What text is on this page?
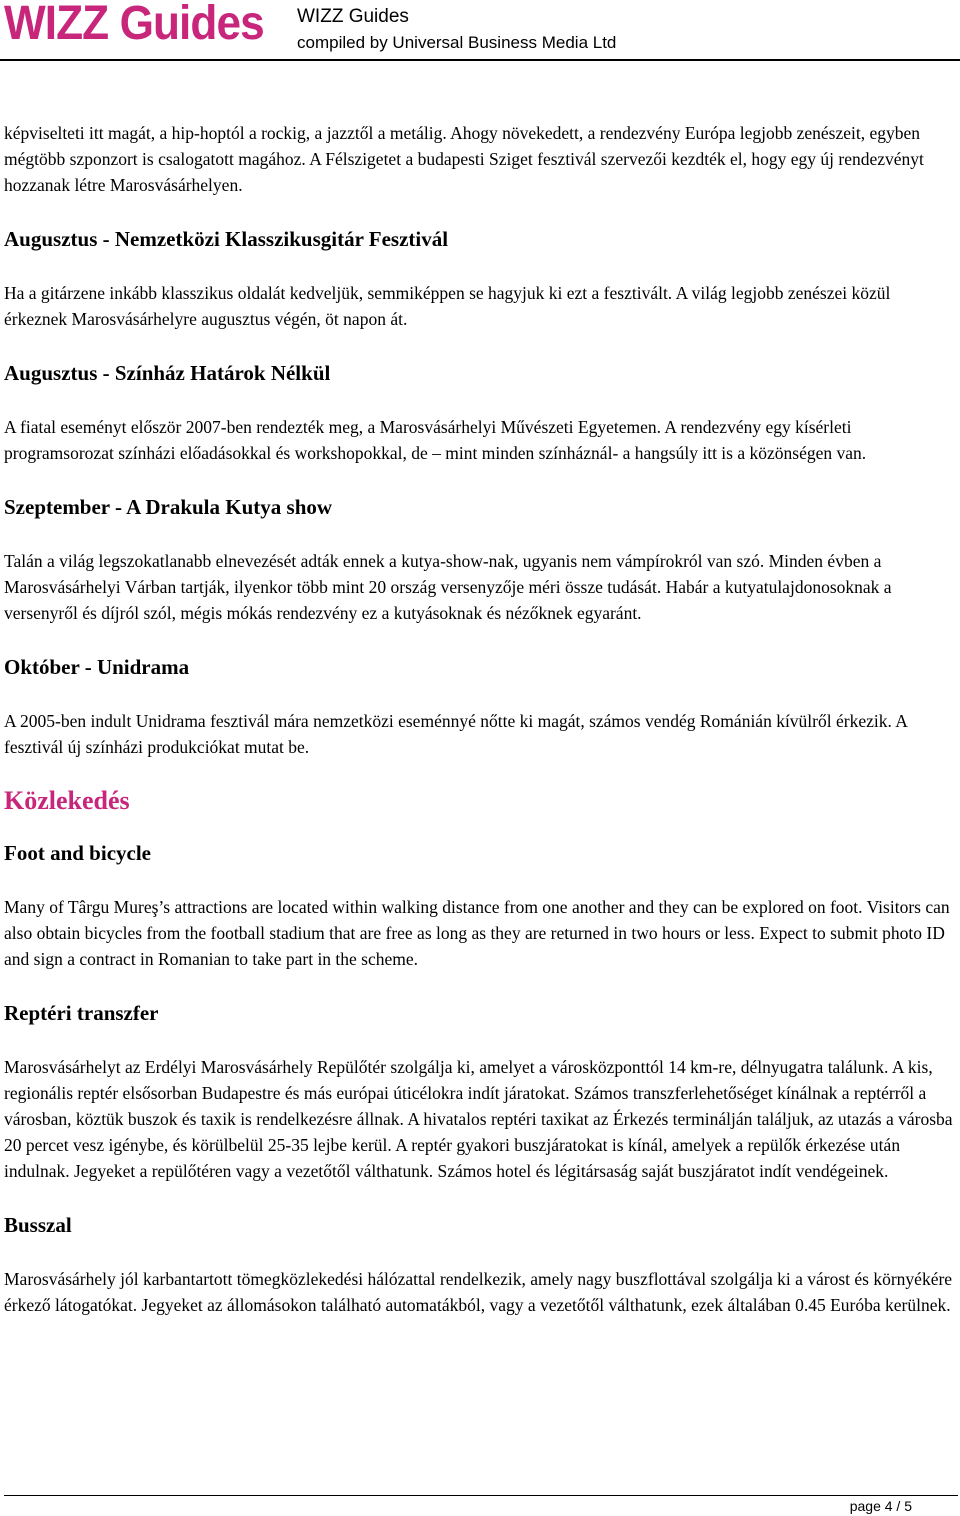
WIZZ Guides WIZZ Guides
compiled by Universal Business Media Ltd

képviselteti itt magát, a hip-hoptól a rockig, a jazztől a metálig. Ahogy növekedett, a rendezvény Európa legjobb zenészeit, egyben mégtöbb szponzort is csalogatott magához. A Félszigetet a budapesti Sziget fesztivál szervezői kezdték el, hogy egy új rendezvényt hozzanak létre Marosvásárhelyen.

Augusztus - Nemzetközi Klasszikusgitár Fesztivál

Ha a gitárzene inkább klasszikus oldalát kedveljük, semmiképpen se hagyjuk ki ezt a fesztivált. A világ legjobb zenészei közül érkeznek Marosvásárhelyre augusztus végén, öt napon át.

Augusztus - Színház Határok Nélkül

A fiatal eseményt először 2007-ben rendezték meg, a Marosvásárhelyi Művészeti Egyetemen. A rendezvény egy kísérleti programsorozat színházi előadásokkal és workshopokkal, de – mint minden színháznál- a hangsúly itt is a közönségen van.

Szeptember - A Drakula Kutya show

Talán a világ legszokatlanabb elnevezését adták ennek a kutya-show-nak, ugyanis nem vámpírokról van szó. Minden évben a Marosvásárhelyi Várban tartják, ilyenkor több mint 20 ország versenyzője méri össze tudását. Habár a kutyatulajdonosoknak a versenyről és díjról szól, mégis mókás rendezvény ez a kutyásoknak és nézőknek egyaránt.

Október - Unidrama

A 2005-ben indult Unidrama fesztivál mára nemzetközi eseménnyé nőtte ki magát, számos vendég Románián kívülről érkezik. A fesztivál új színházi produkciókat mutat be.

Közlekedés
Foot and bicycle

Many of Târgu Mureş’s attractions are located within walking distance from one another and they can be explored on foot. Visitors can also obtain bicycles from the football stadium that are free as long as they are returned in two hours or less. Expect to submit photo ID and sign a contract in Romanian to take part in the scheme.

Reptéri transzfer

Marosvásárhelyt az Erdélyi Marosvásárhely Repülőtér szolgálja ki, amelyet a városközponttól 14 km-re, délnyugatra találunk. A kis, regionális reptér elsősorban Budapestre és más európai úticélokra indít járatokat. Számos transzferlehetőséget kínálnak a reptérről a városban, köztük buszok és taxik is rendelkezésre állnak. A hivatalos reptéri taxikat az Érkezés terminálján találjuk, az utazás a városba 20 percet vesz igénybe, és körülbelül 25-35 lejbe kerül. A reptér gyakori buszjáratokat is kínál, amelyek a repülők érkezése után indulnak. Jegyeket a repülőtéren vagy a vezetőtől válthatunk. Számos hotel és légitársaság saját buszjáratot indít vendégeinek.

Busszal

Marosvásárhely jól karbantartott tömegközlekedési hálózattal rendelkezik, amely nagy buszflottával szolgálja ki a várost és környékére érkező látogatókat. Jegyeket az állomásokon található automatákból, vagy a vezetőtől válthatunk, ezek általában 0.45 Euróba kerülnek.

page 4 / 5
